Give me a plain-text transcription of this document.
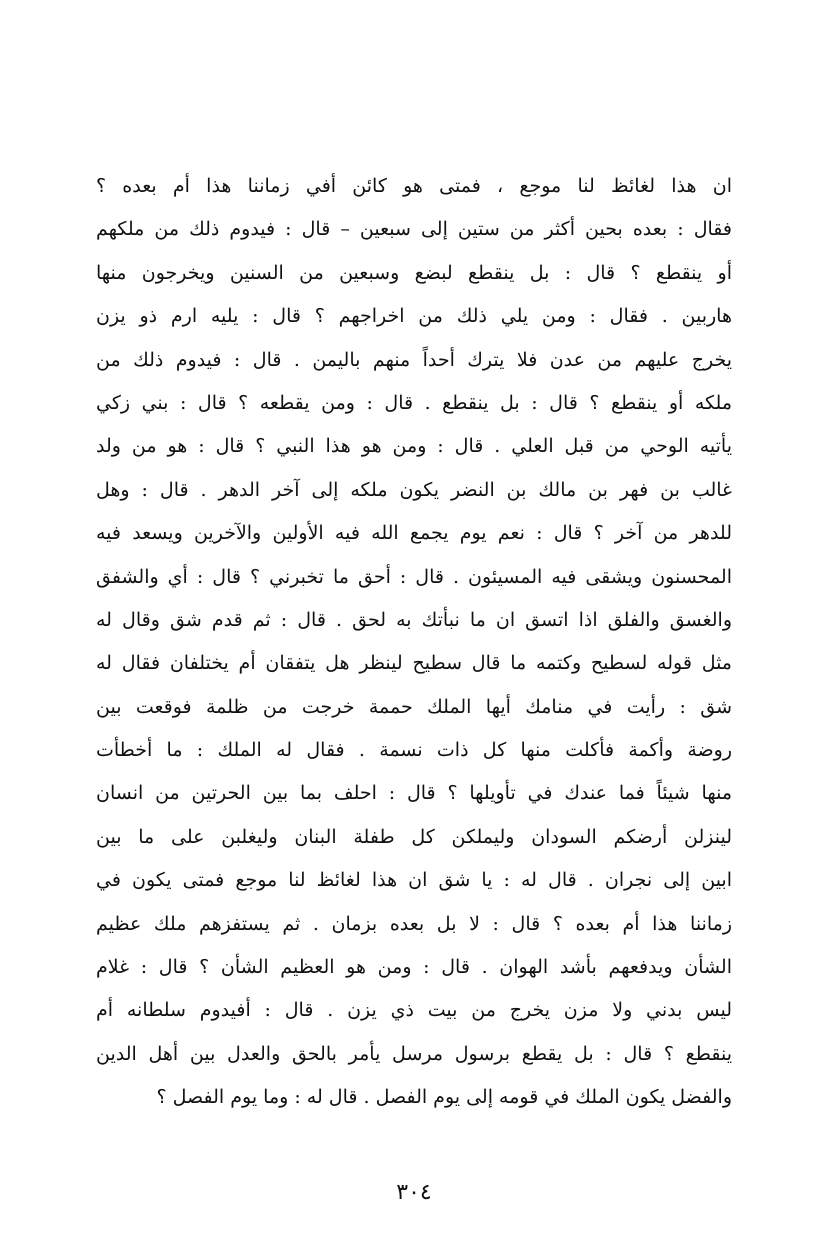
ان هذا لغائظ لنا موجع ، فمتى هو كائن أفي زماننا هذا أم بعده ؟
فقال : بعده بحين أكثر من ستين إلى سبعين – قال : فيدوم ذلك من ملكهم
أو ينقطع ؟ قال : بل ينقطع لبضع وسبعين من السنين ويخرجون منها
هاربين . فقال : ومن يلي ذلك من اخراجهم ؟ قال : يليه ارم ذو يزن
يخرج عليهم من عدن فلا يترك أحداً منهم باليمن . قال : فيدوم ذلك من
ملكه أو ينقطع ؟ قال : بل ينقطع . قال : ومن يقطعه ؟ قال : بني زكي
يأتيه الوحي من قبل العلي . قال : ومن هو هذا النبي ؟ قال : هو من ولد
غالب بن فهر بن مالك بن النضر يكون ملكه إلى آخر الدهر . قال : وهل
للدهر من آخر ؟ قال : نعم يوم يجمع الله فيه الأولين والآخرين ويسعد فيه
المحسنون ويشقى فيه المسيئون . قال : أحق ما تخبرني ؟ قال : أي والشفق
والغسق والفلق اذا اتسق ان ما نبأتك به لحق . قال : ثم قدم شق وقال له
مثل قوله لسطيح وكتمه ما قال سطيح لينظر هل يتفقان أم يختلفان فقال له
شق : رأيت في منامك أيها الملك حممة خرجت من ظلمة فوقعت بين
روضة وأكمة فأكلت منها كل ذات نسمة . فقال له الملك : ما أخطأت
منها شيئاً فما عندك في تأويلها ؟ قال : احلف بما بين الحرتين من انسان
لينزلن أرضكم السودان وليملكن كل طفلة البنان وليغلبن على ما بين
ابين إلى نجران . قال له : يا شق ان هذا لغائظ لنا موجع فمتى يكون في
زماننا هذا أم بعده ؟ قال : لا بل بعده بزمان . ثم يستفزهم ملك عظيم
الشأن ويدفعهم بأشد الهوان . قال : ومن هو العظيم الشأن ؟ قال : غلام
ليس بدني ولا مزن يخرج من بيت ذي يزن . قال : أفيدوم سلطانه أم
ينقطع ؟ قال : بل يقطع برسول مرسل يأمر بالحق والعدل بين أهل الدين
والفضل يكون الملك في قومه إلى يوم الفصل . قال له : وما يوم الفصل ؟
٣٠٤
